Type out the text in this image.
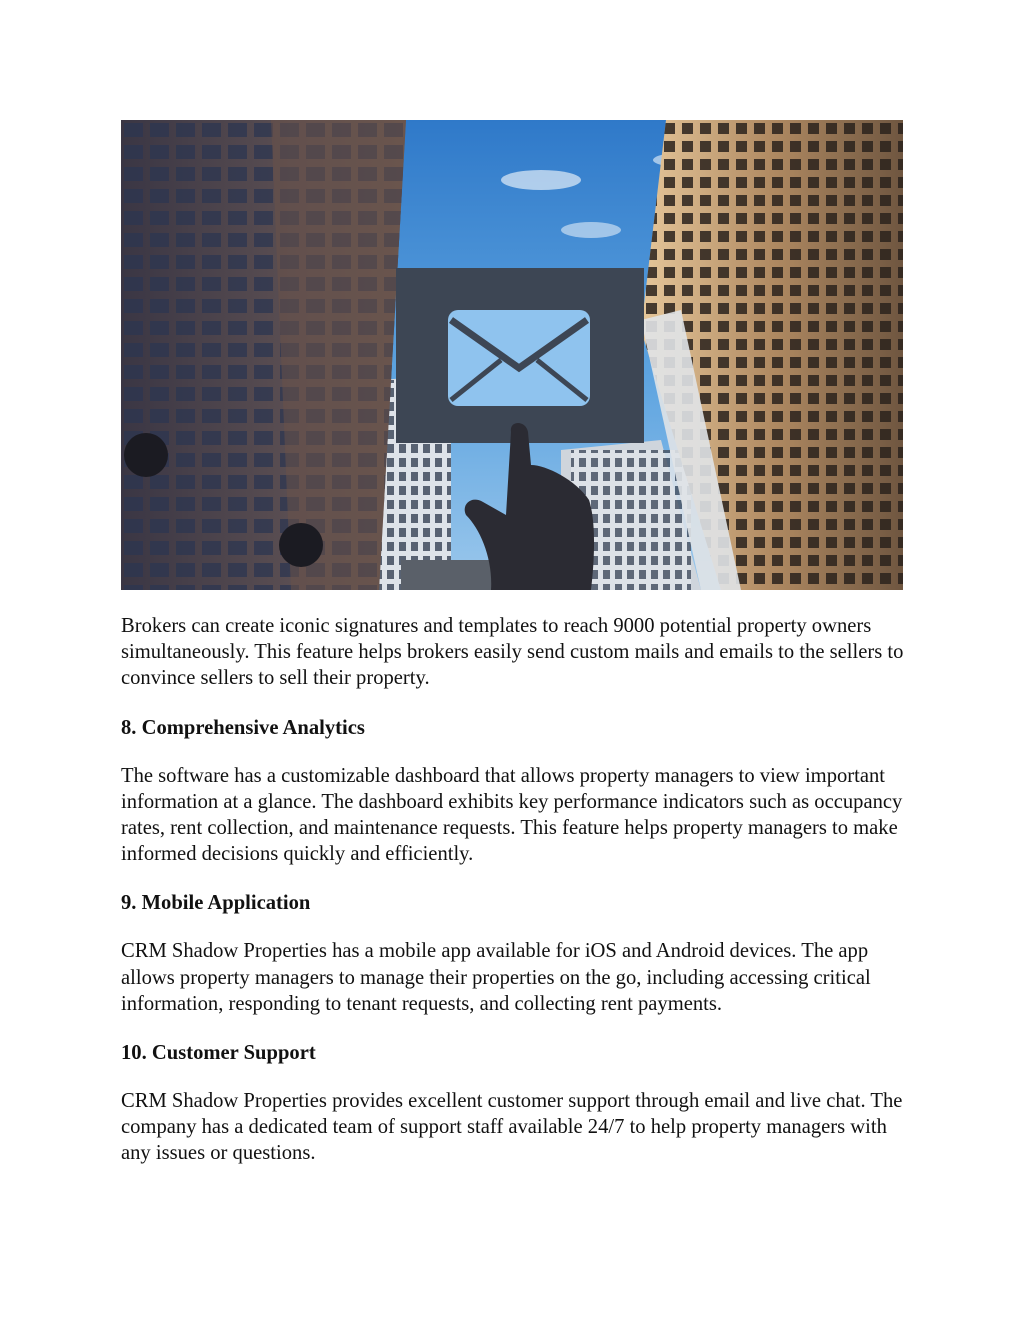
Brokers can create iconic signatures and templates to reach 9000 potential property owners simultaneously. This feature helps brokers easily send custom mails and emails to the sellers to convince sellers to sell their property.

8. Comprehensive Analytics

The software has a customizable dashboard that allows property managers to view important information at a glance. The dashboard exhibits key performance indicators such as occupancy rates, rent collection, and maintenance requests. This feature helps property managers to make informed decisions quickly and efficiently.

9. Mobile Application

CRM Shadow Properties has a mobile app available for iOS and Android devices. The app allows property managers to manage their properties on the go, including accessing critical information, responding to tenant requests, and collecting rent payments.

10. Customer Support

CRM Shadow Properties provides excellent customer support through email and live chat. The company has a dedicated team of support staff available 24/7 to help property managers with any issues or questions.
